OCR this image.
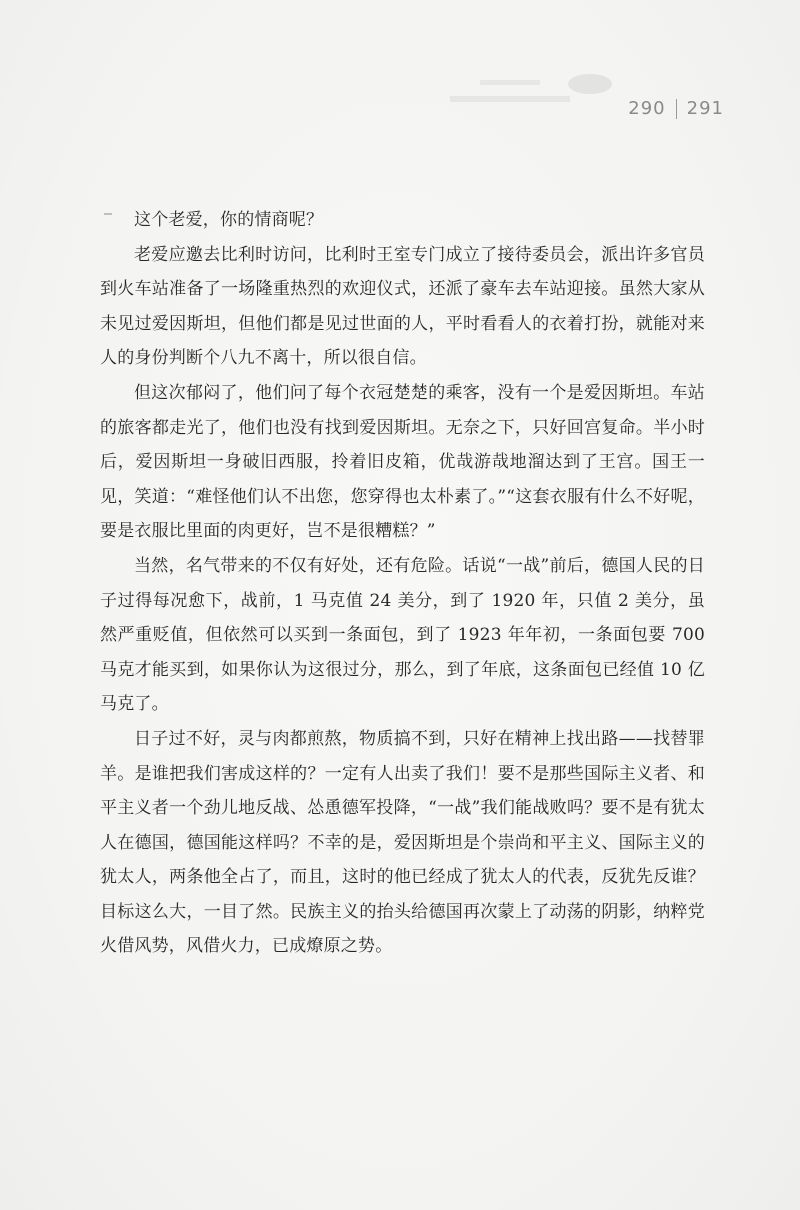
290 291

这个老爱，你的情商呢？

老爱应邀去比利时访问，比利时王室专门成立了接待委员会，派出许多官员到火车站准备了一场隆重热烈的欢迎仪式，还派了豪车去车站迎接。虽然大家从未见过爱因斯坦，但他们都是见过世面的人，平时看看人的衣着打扮，就能对来人的身份判断个八九不离十，所以很自信。

但这次郁闷了，他们问了每个衣冠楚楚的乘客，没有一个是爱因斯坦。车站的旅客都走光了，他们也没有找到爱因斯坦。无奈之下，只好回宫复命。半小时后，爱因斯坦一身破旧西服，拎着旧皮箱，优哉游哉地溜达到了王宫。国王一见，笑道：“难怪他们认不出您，您穿得也太朴素了。”“这套衣服有什么不好呢，要是衣服比里面的肉更好，岂不是很糟糕？”

当然，名气带来的不仅有好处，还有危险。话说“一战”前后，德国人民的日子过得每况愈下，战前，1 马克值 24 美分，到了 1920 年，只值 2 美分，虽然严重贬值，但依然可以买到一条面包，到了 1923 年年初，一条面包要 700 马克才能买到，如果你认为这很过分，那么，到了年底，这条面包已经值 10 亿马克了。

日子过不好，灵与肉都煎熬，物质搞不到，只好在精神上找出路——找替罪羊。是谁把我们害成这样的？一定有人出卖了我们！要不是那些国际主义者、和平主义者一个劲儿地反战、怂恿德军投降，“一战”我们能战败吗？要不是有犹太人在德国，德国能这样吗？不幸的是，爱因斯坦是个崇尚和平主义、国际主义的犹太人，两条他全占了，而且，这时的他已经成了犹太人的代表，反犹先反谁？目标这么大，一目了然。民族主义的抬头给德国再次蒙上了动荡的阴影，纳粹党火借风势，风借火力，已成燎原之势。
